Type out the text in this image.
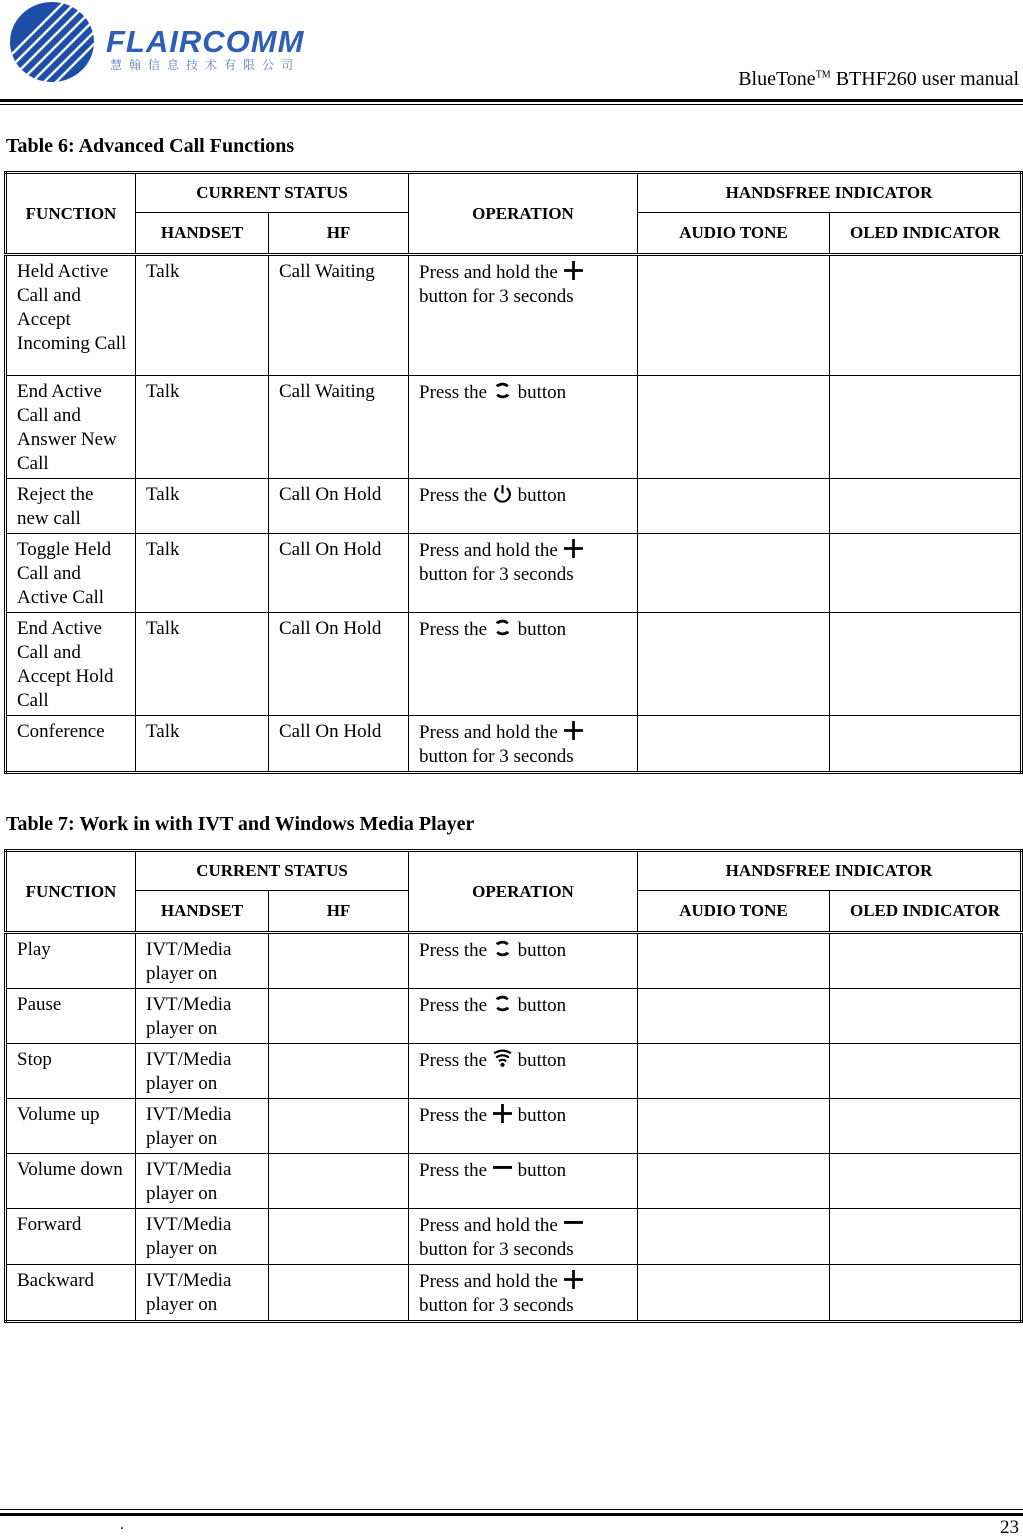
FLAIRCOMM
慧翰信息技术有限公司
BlueTone™ BTHF260 user manual
Table 6: Advanced Call Functions
FUNCTION	CURRENT STATUS		OPERATION	HANDSFREE INDICATOR	
	HANDSET	HF		AUDIO TONE	OLED INDICATOR
Held Active Call and Accept Incoming Call	Talk	Call Waiting	Press and hold the  button for 3 seconds		
End Active Call and Answer New Call	Talk	Call Waiting	Press the button		
Reject the new call	Talk	Call On Hold	Press the button		
Toggle Held Call and Active Call	Talk	Call On Hold	Press and hold the  button for 3 seconds		
End Active Call and Accept Hold Call	Talk	Call On Hold	Press the button		
Conference	Talk	Call On Hold	Press and hold the  button for 3 seconds		
Table 7: Work in with IVT and Windows Media Player
FUNCTION	CURRENT STATUS		OPERATION	HANDSFREE INDICATOR	
	HANDSET	HF		AUDIO TONE	OLED INDICATOR
Play	IVT/Media player on		Press the button		
Pause	IVT/Media player on		Press the button		
Stop	IVT/Media player on		Press the button		
Volume up	IVT/Media player on		Press the button		
Volume down	IVT/Media player on		Press the button		
Forward	IVT/Media player on		Press and hold the  button for 3 seconds		
Backward	IVT/Media player on		Press and hold the  button for 3 seconds		
.	23
